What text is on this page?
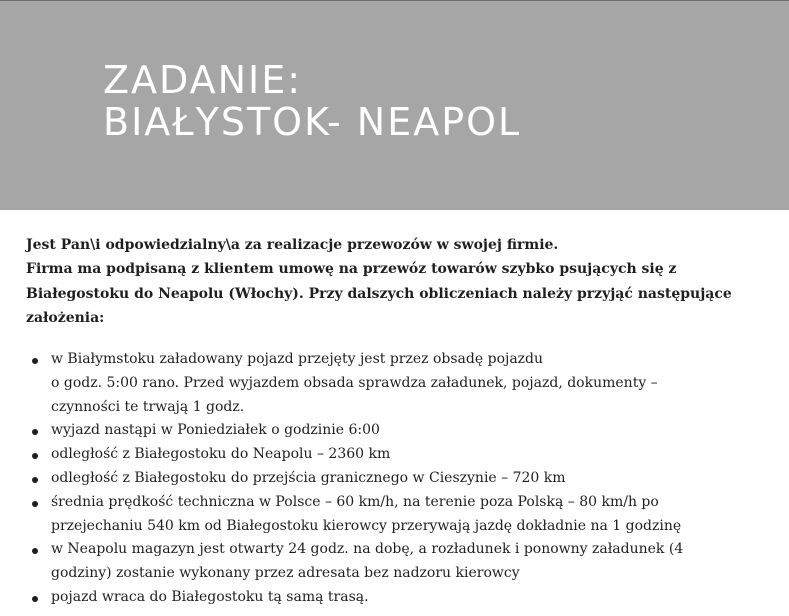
ZADANIE:
BIAŁYSTOK- NEAPOL

Jest Pan\i odpowiedzialny\a za realizacje przewozów w swojej firmie.
Firma ma podpisaną z klientem umowę na przewóz towarów szybko psujących się z
Białegostoku do Neapolu (Włochy). Przy dalszych obliczeniach należy przyjąć następujące
założenia:

w Białymstoku załadowany pojazd przejęty jest przez obsadę pojazdu
o godz. 5:00 rano. Przed wyjazdem obsada sprawdza załadunek, pojazd, dokumenty –
czynności te trwają 1 godz.
wyjazd nastąpi w Poniedziałek o godzinie 6:00
odległość z Białegostoku do Neapolu – 2360 km
odległość z Białegostoku do przejścia granicznego w Cieszynie – 720 km
średnia prędkość techniczna w Polsce – 60 km/h, na terenie poza Polską – 80 km/h po
przejechaniu 540 km od Białegostoku kierowcy przerywają jazdę dokładnie na 1 godzinę
w Neapolu magazyn jest otwarty 24 godz. na dobę, a rozładunek i ponowny załadunek (4
godziny) zostanie wykonany przez adresata bez nadzoru kierowcy
pojazd wraca do Białegostoku tą samą trasą.
